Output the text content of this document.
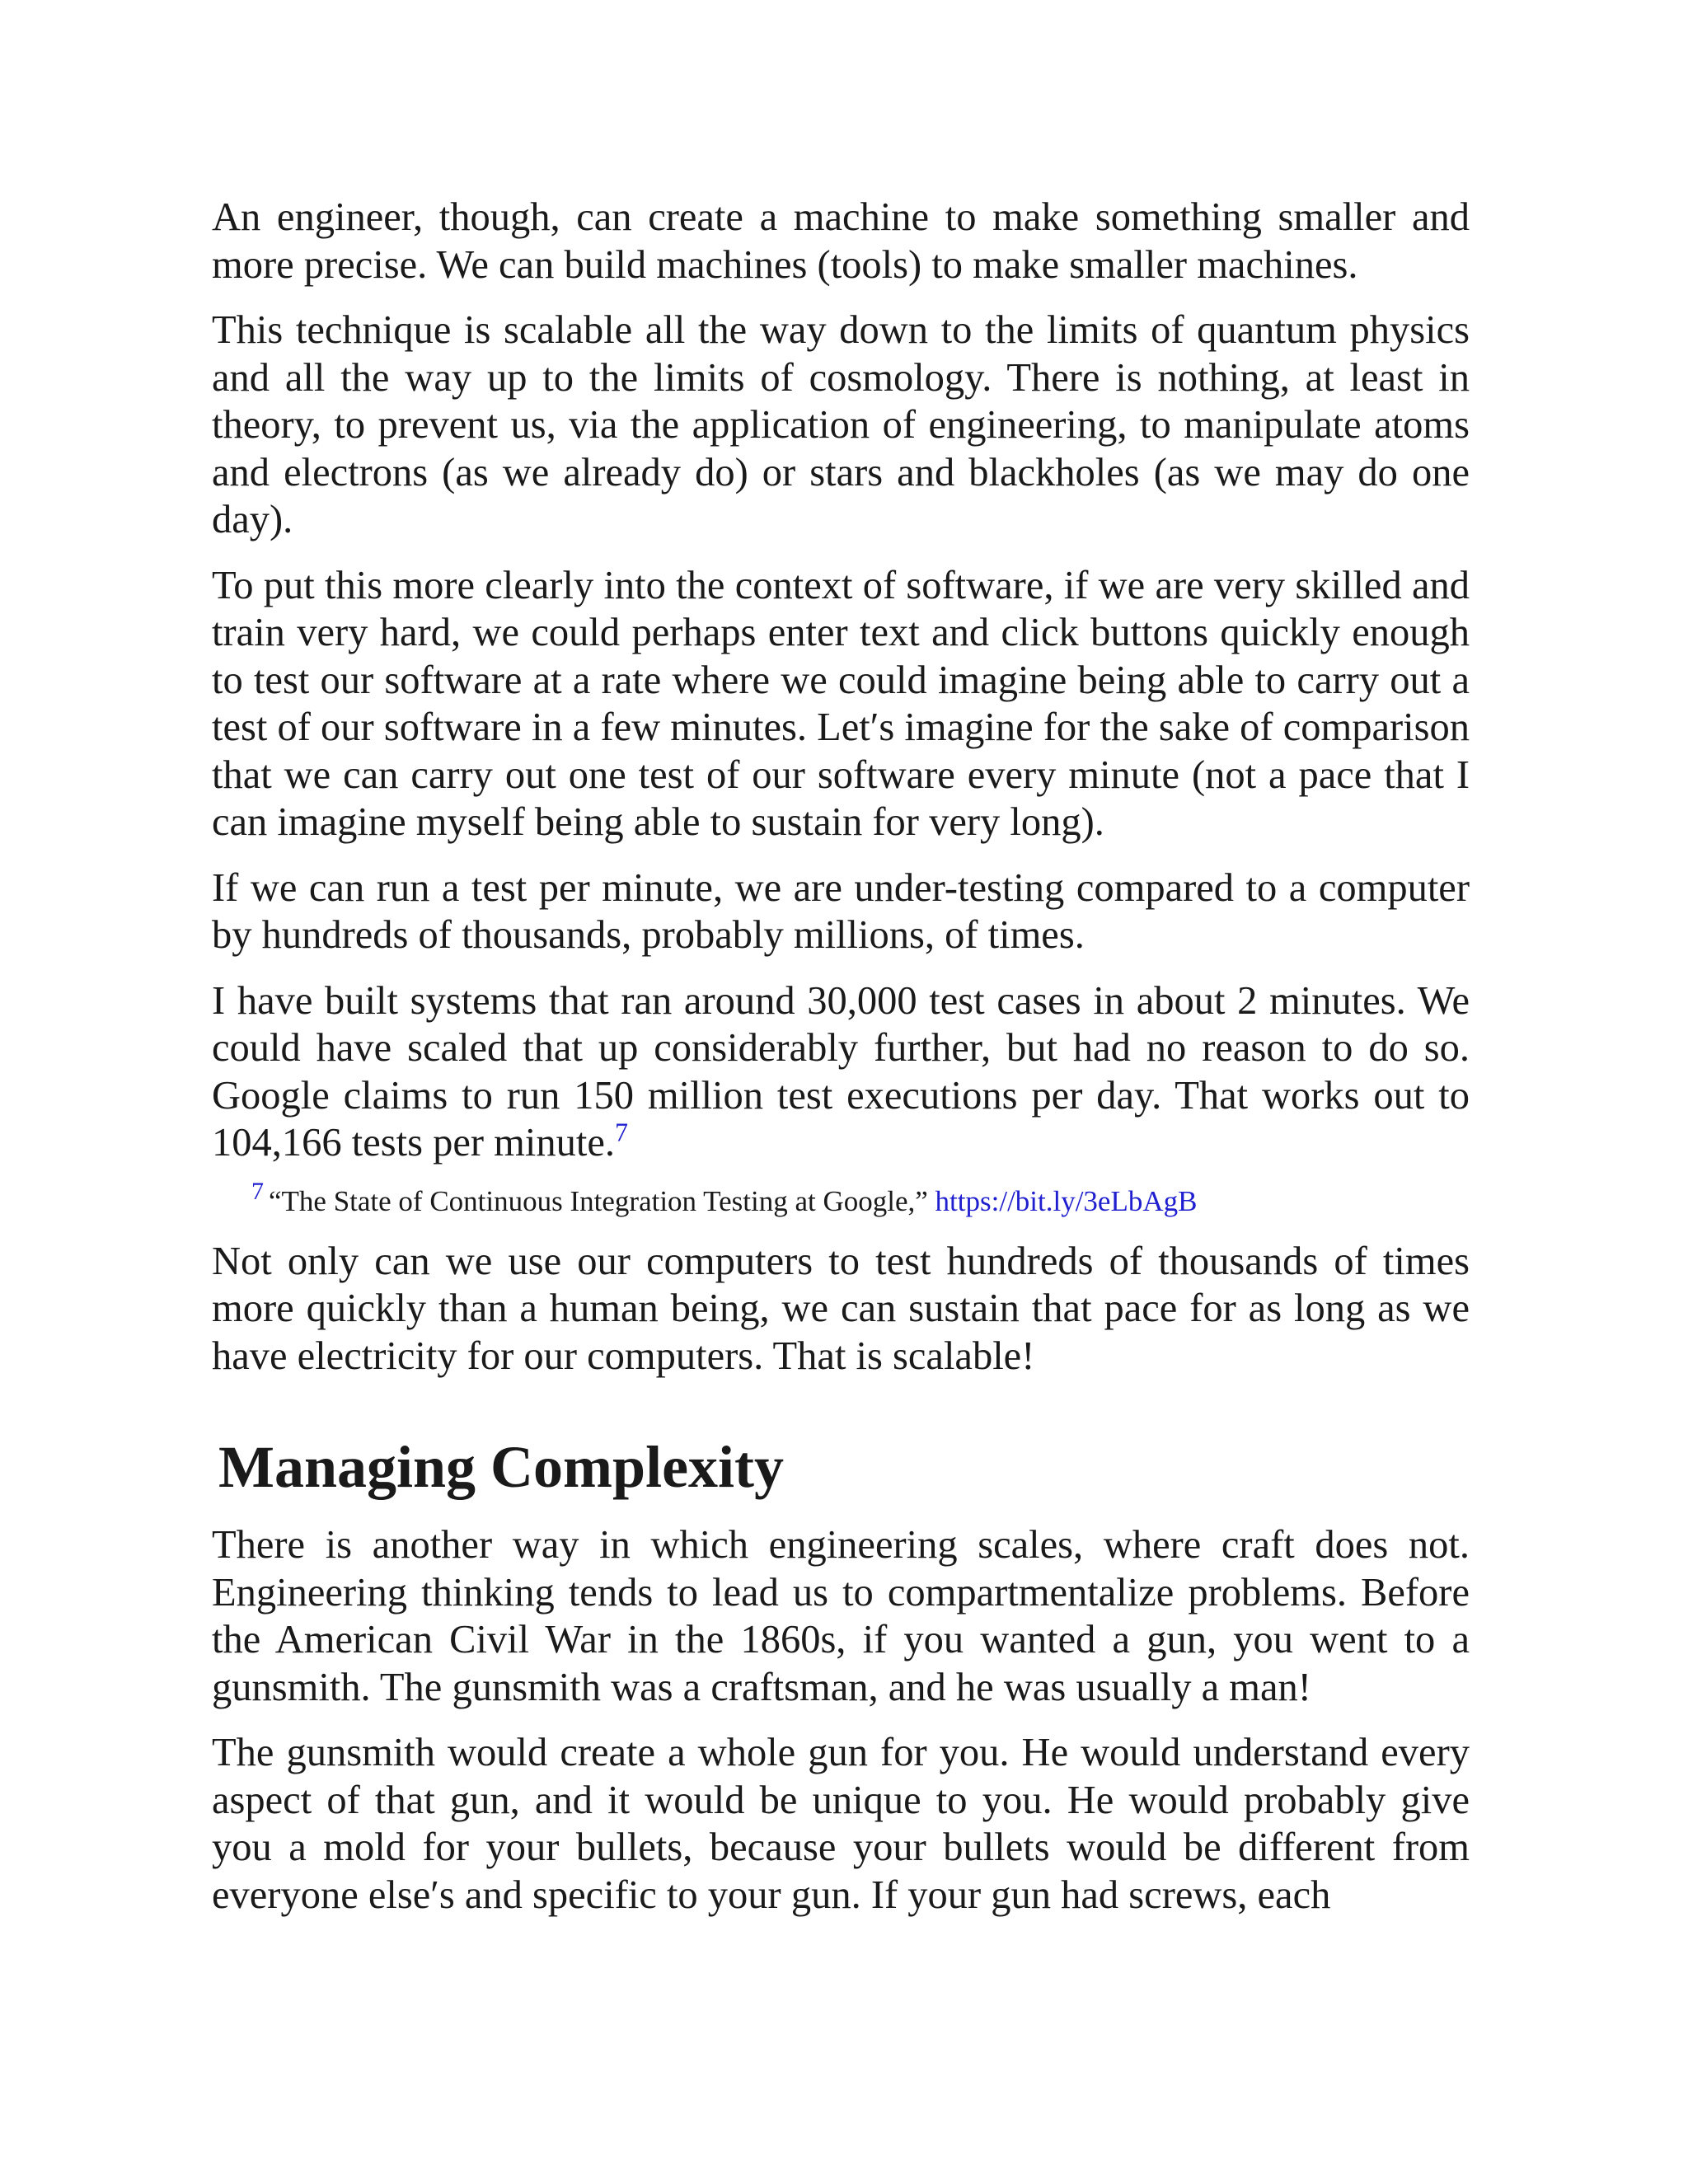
An engineer, though, can create a machine to make something smaller and more precise. We can build machines (tools) to make smaller machines.

This technique is scalable all the way down to the limits of quantum physics and all the way up to the limits of cosmology. There is nothing, at least in theory, to prevent us, via the application of engineering, to manipulate atoms and electrons (as we already do) or stars and blackholes (as we may do one day).

To put this more clearly into the context of software, if we are very skilled and train very hard, we could perhaps enter text and click buttons quickly enough to test our software at a rate where we could imagine being able to carry out a test of our software in a few minutes. Let′s imagine for the sake of comparison that we can carry out one test of our software every minute (not a pace that I can imagine myself being able to sustain for very long).

If we can run a test per minute, we are under-testing compared to a computer by hundreds of thousands, probably millions, of times.

I have built systems that ran around 30,000 test cases in about 2 minutes. We could have scaled that up considerably further, but had no reason to do so. Google claims to run 150 million test executions per day. That works out to 104,166 tests per minute.$^7$

7 “The State of Continuous Integration Testing at Google,” https://bit.ly/3eLbAgB

Not only can we use our computers to test hundreds of thousands of times more quickly than a human being, we can sustain that pace for as long as we have electricity for our computers. That is scalable!

Managing Complexity

There is another way in which engineering scales, where craft does not. Engineering thinking tends to lead us to compartmentalize problems. Before the American Civil War in the 1860s, if you wanted a gun, you went to a gunsmith. The gunsmith was a craftsman, and he was usually a man!

The gunsmith would create a whole gun for you. He would understand every aspect of that gun, and it would be unique to you. He would probably give you a mold for your bullets, because your bullets would be different from everyone else′s and specific to your gun. If your gun had screws, each
